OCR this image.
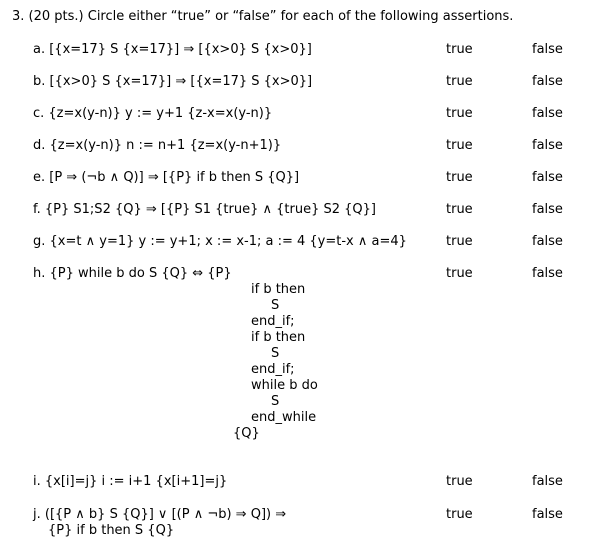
3. (20 pts.) Circle either “true” or “false” for each of the following assertions.
a. [{x=17} S {x=17}] ⇒ [{x>0} S {x>0}]	true	false
b. [{x>0} S {x=17}] ⇒ [{x=17} S {x>0}]	true	false
c. {z=x(y-n)} y := y+1 {z-x=x(y-n)}	true	false
d. {z=x(y-n)} n := n+1 {z=x(y-n+1)}	true	false
e. [P ⇒ (¬b ∧ Q)] ⇒ [{P} if b then S {Q}]	true	false
f. {P} S1;S2 {Q} ⇒ [{P} S1 {true} ∧ {true} S2 {Q}]	true	false
g. {x=t ∧ y=1} y := y+1; x := x-1; a := 4 {y=t-x ∧ a=4}	true	false
h. {P} while b do S {Q} ⇔ {P}	true	false
if b then
S
end_if;
if b then
S
end_if;
while b do
S
end_while
{Q}
i. {x[i]=j} i := i+1 {x[i+1]=j}	true	false
j. ([{P ∧ b} S {Q}] ∨ [(P ∧ ¬b) ⇒ Q]) ⇒
{P} if b then S {Q}
true	false
